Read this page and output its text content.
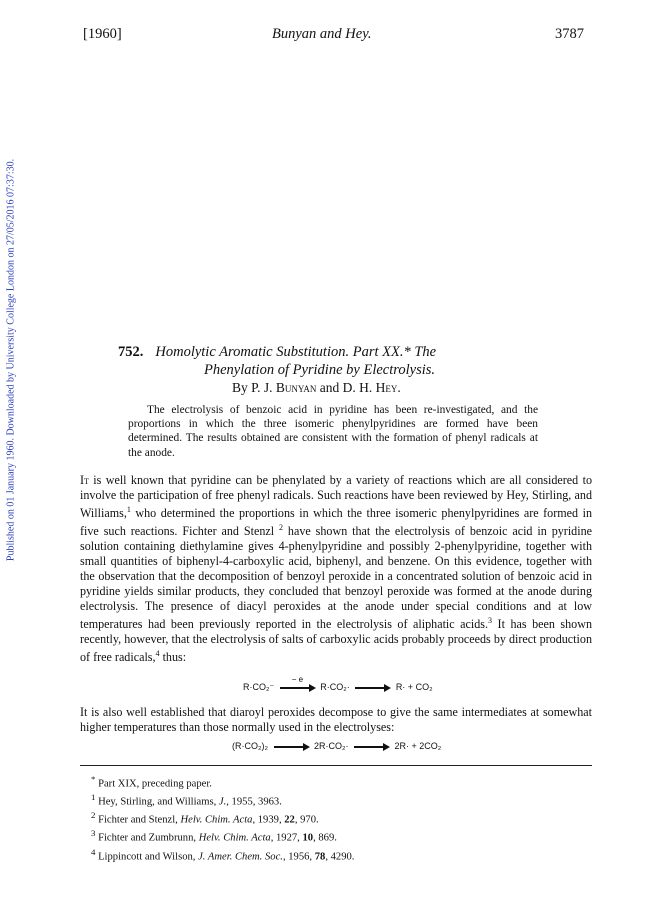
[1960]	Bunyan and Hey.	3787
Published on 01 January 1960. Downloaded by University College London on 27/05/2016 07:37:30.	752. Homolytic Aromatic Substitution. Part XX.* The
Phenylation of Pyridine by Electrolysis.
By P. J. Bunyan and D. H. Hey.

The electrolysis of benzoic acid in pyridine has been re-investigated, and the proportions in which the three isomeric phenylpyridines are formed have been determined. The results obtained are consistent with the formation of phenyl radicals at the anode.

It is well known that pyridine can be phenylated by a variety of reactions which are all considered to involve the participation of free phenyl radicals. Such reactions have been reviewed by Hey, Stirling, and Williams,$^1$ who determined the proportions in which the three isomeric phenylpyridines are formed in five such reactions. Fichter and Stenzl $^2$ have shown that the electrolysis of benzoic acid in pyridine solution containing diethylamine gives 4-phenylpyridine and possibly 2-phenylpyridine, together with small quantities of biphenyl-4-carboxylic acid, biphenyl, and benzene. On this evidence, together with the observation that the decomposition of benzoyl peroxide in a concentrated solution of benzoic acid in pyridine yields similar products, they concluded that benzoyl peroxide was formed at the anode during electrolysis. The presence of diacyl peroxides at the anode under special conditions and at low temperatures had been previously reported in the electrolysis of aliphatic acids.$^3$ It has been shown recently, however, that the electrolysis of salts of carboxylic acids probably proceeds by direct production of free radicals,$^4$ thus:

R·CO₂⁻
− e
R·CO₂· → R· + CO₂

It is also well established that diaroyl peroxides decompose to give the same intermediates at somewhat higher temperatures than those normally used in the electrolyses:

(R·CO₂)₂ → 2R·CO₂· → 2R· + 2CO₂

* Part XIX, preceding paper.

$^1$ Hey, Stirling, and Williams, J., 1955, 3963.

$^2$ Fichter and Stenzl, Helv. Chim. Acta, 1939, 22, 970.

$^3$ Fichter and Zumbrunn, Helv. Chim. Acta, 1927, 10, 869.

$^4$ Lippincott and Wilson, J. Amer. Chem. Soc., 1956, 78, 4290.
